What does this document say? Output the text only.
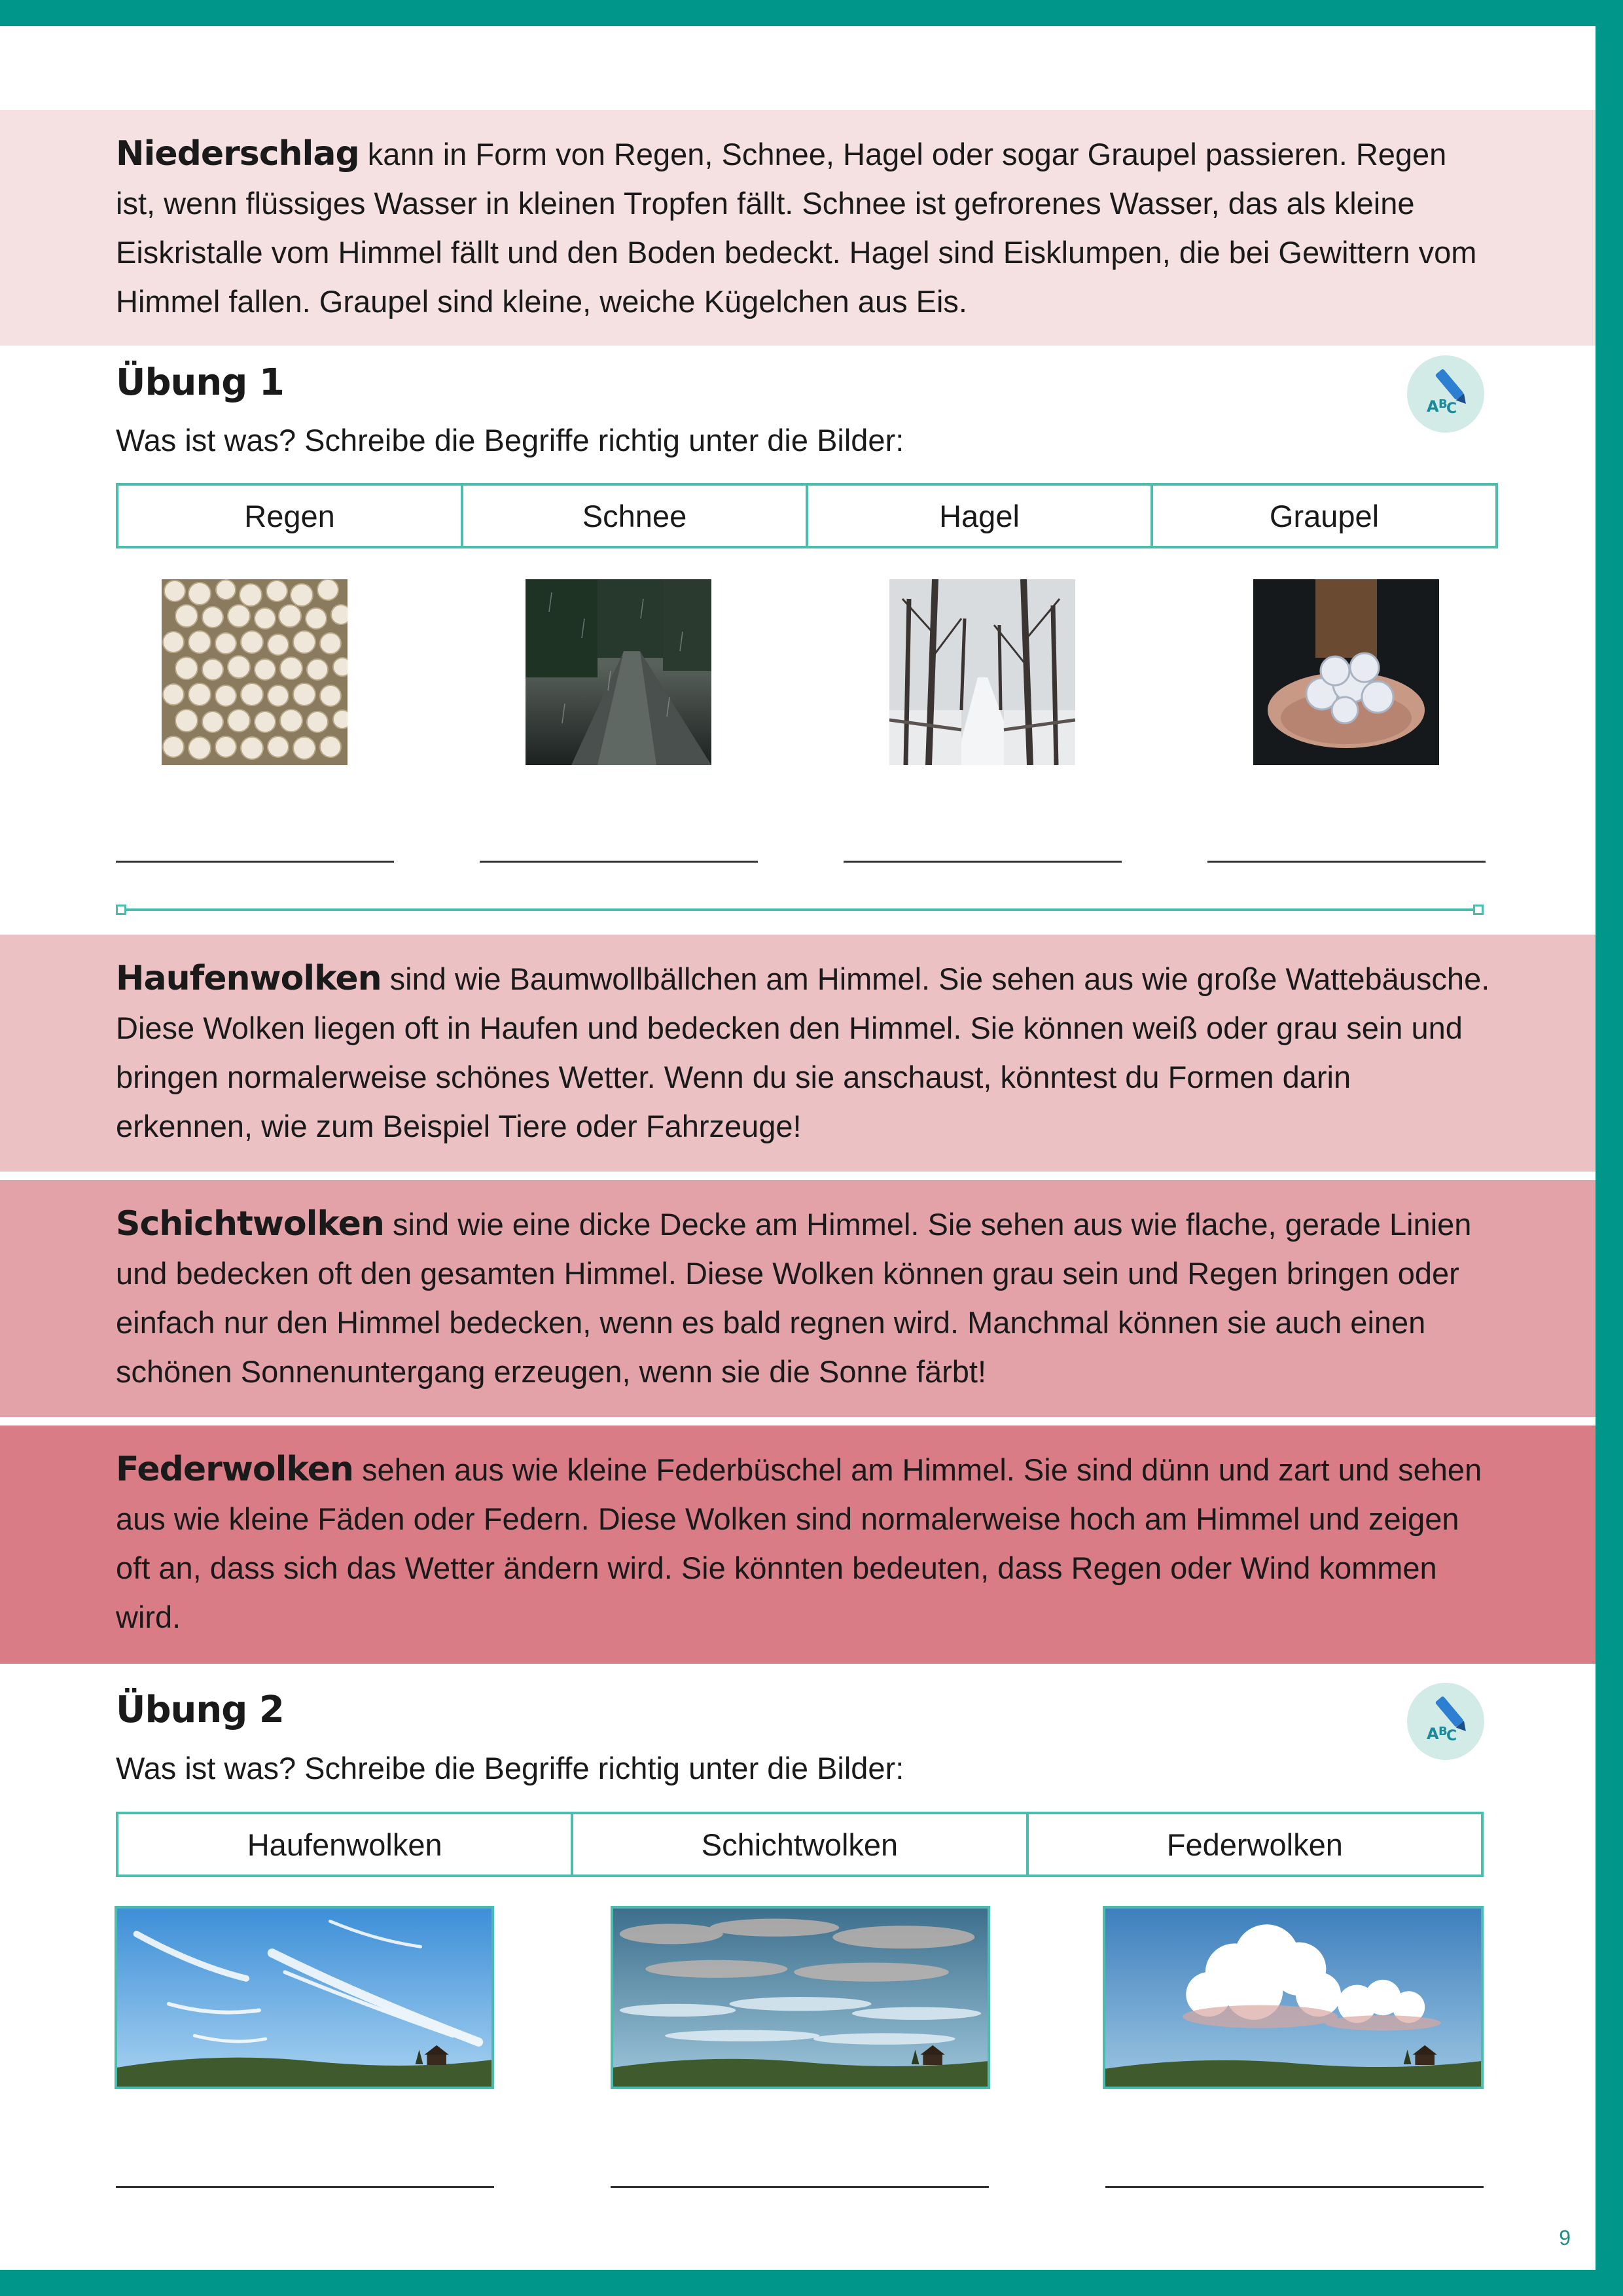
Niederschlag kann in Form von Regen, Schnee, Hagel oder sogar Graupel passieren. Regen ist, wenn flüssiges Wasser in kleinen Tropfen fällt. Schnee ist gefrorenes Wasser, das als kleine Eiskristalle vom Himmel fällt und den Boden bedeckt. Hagel sind Eisklumpen, die bei Gewittern vom Himmel fallen. Graupel sind kleine, weiche Kügelchen aus Eis.

Übung 1
Was ist was? Schreibe die Begriffe richtig unter die Bilder:
A B
C
Regen	Schnee	Hagel	Graupel

Haufenwolken sind wie Baumwollbällchen am Himmel. Sie sehen aus wie große Wattebäusche. Diese Wolken liegen oft in Haufen und bedecken den Himmel. Sie können weiß oder grau sein und bringen normalerweise schönes Wetter. Wenn du sie anschaust, könntest du Formen darin erkennen, wie zum Beispiel Tiere oder Fahrzeuge!

Schichtwolken sind wie eine dicke Decke am Himmel. Sie sehen aus wie flache, gerade Linien und bedecken oft den gesamten Himmel. Diese Wolken können grau sein und Regen bringen oder einfach nur den Himmel bedecken, wenn es bald regnen wird. Manchmal können sie auch einen schönen Sonnenuntergang erzeugen, wenn sie die Sonne färbt!

Federwolken sehen aus wie kleine Federbüschel am Himmel. Sie sind dünn und zart und sehen aus wie kleine Fäden oder Federn. Diese Wolken sind normalerweise hoch am Himmel und zeigen oft an, dass sich das Wetter ändern wird. Sie könnten bedeuten, dass Regen oder Wind kommen wird.

Übung 2
Was ist was? Schreibe die Begriffe richtig unter die Bilder:
A B
C
Haufenwolken	Schichtwolken	Federwolken
9
